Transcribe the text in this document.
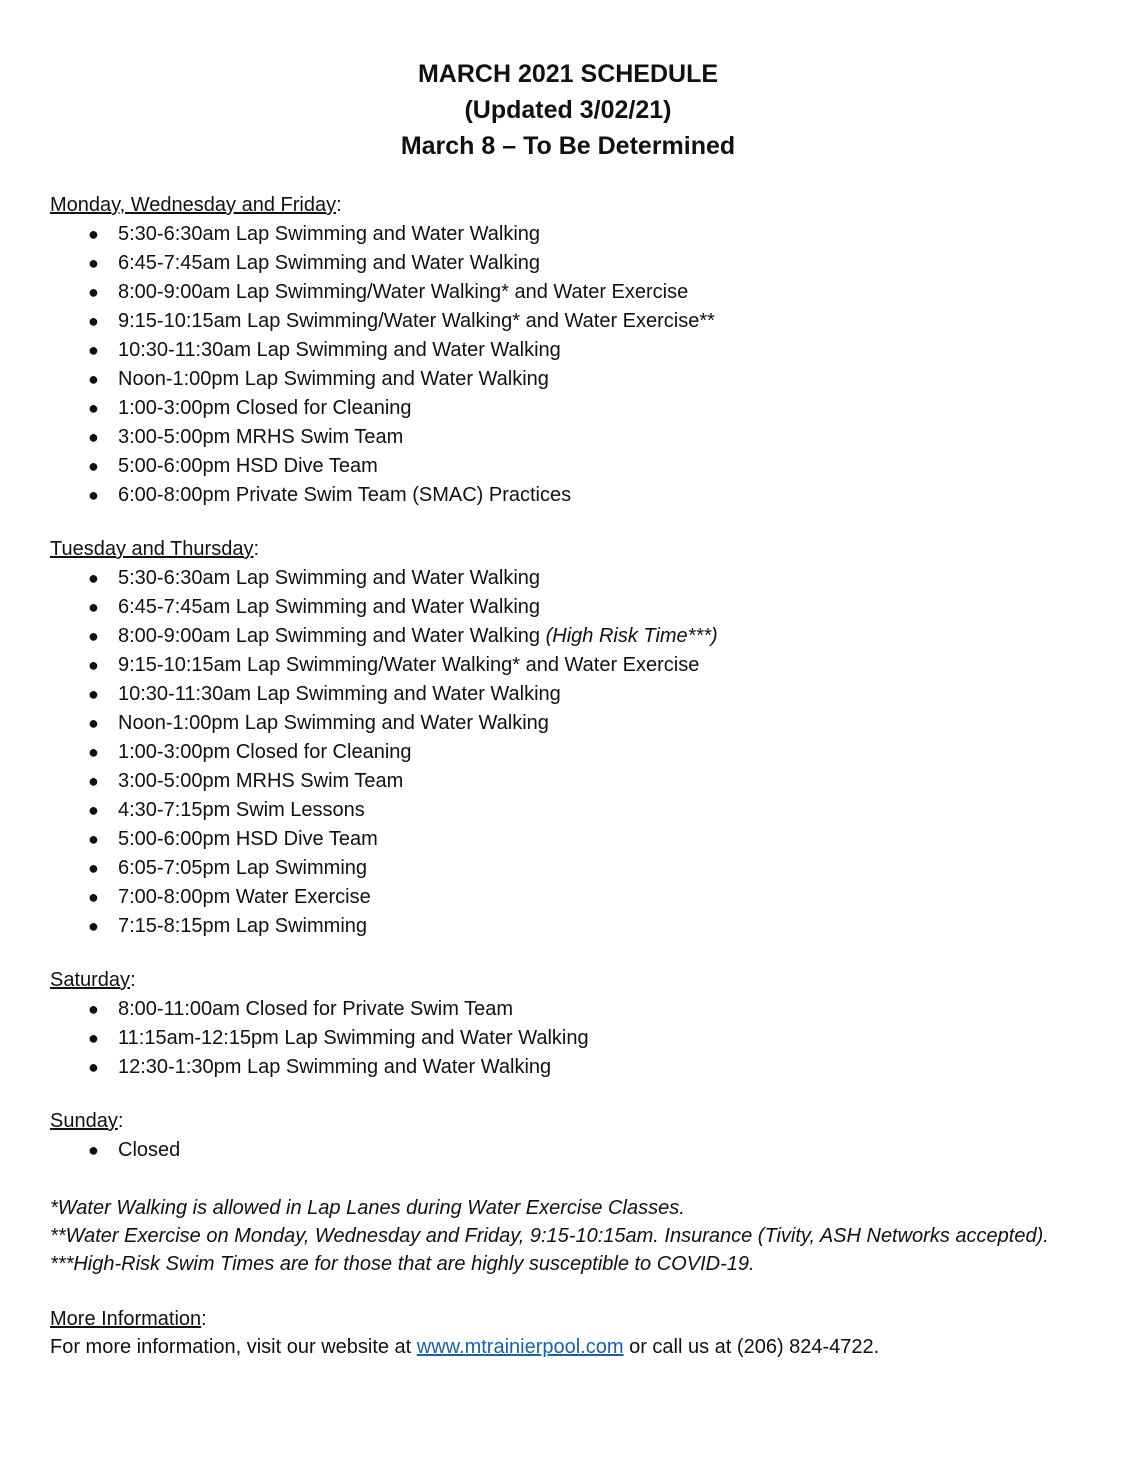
MARCH 2021 SCHEDULE
(Updated 3/02/21)
March 8 – To Be Determined
Monday, Wednesday and Friday:
● 5:30-6:30am Lap Swimming and Water Walking
● 6:45-7:45am Lap Swimming and Water Walking
● 8:00-9:00am Lap Swimming/Water Walking* and Water Exercise
● 9:15-10:15am Lap Swimming/Water Walking* and Water Exercise**
● 10:30-11:30am Lap Swimming and Water Walking
● Noon-1:00pm Lap Swimming and Water Walking
● 1:00-3:00pm Closed for Cleaning
● 3:00-5:00pm MRHS Swim Team
● 5:00-6:00pm HSD Dive Team
● 6:00-8:00pm Private Swim Team (SMAC) Practices
Tuesday and Thursday:
● 5:30-6:30am Lap Swimming and Water Walking
● 6:45-7:45am Lap Swimming and Water Walking
● 8:00-9:00am Lap Swimming and Water Walking (High Risk Time***)
● 9:15-10:15am Lap Swimming/Water Walking* and Water Exercise
● 10:30-11:30am Lap Swimming and Water Walking
● Noon-1:00pm Lap Swimming and Water Walking
● 1:00-3:00pm Closed for Cleaning
● 3:00-5:00pm MRHS Swim Team
● 4:30-7:15pm Swim Lessons
● 5:00-6:00pm HSD Dive Team
● 6:05-7:05pm Lap Swimming
● 7:00-8:00pm Water Exercise
● 7:15-8:15pm Lap Swimming
Saturday:
● 8:00-11:00am Closed for Private Swim Team
● 11:15am-12:15pm Lap Swimming and Water Walking
● 12:30-1:30pm Lap Swimming and Water Walking
Sunday:
● Closed

*Water Walking is allowed in Lap Lanes during Water Exercise Classes.

**Water Exercise on Monday, Wednesday and Friday, 9:15-10:15am. Insurance (Tivity, ASH Networks accepted).

***High-Risk Swim Times are for those that are highly susceptible to COVID-19.

More Information:
For more information, visit our website at www.mtrainierpool.com or call us at (206) 824-4722.
